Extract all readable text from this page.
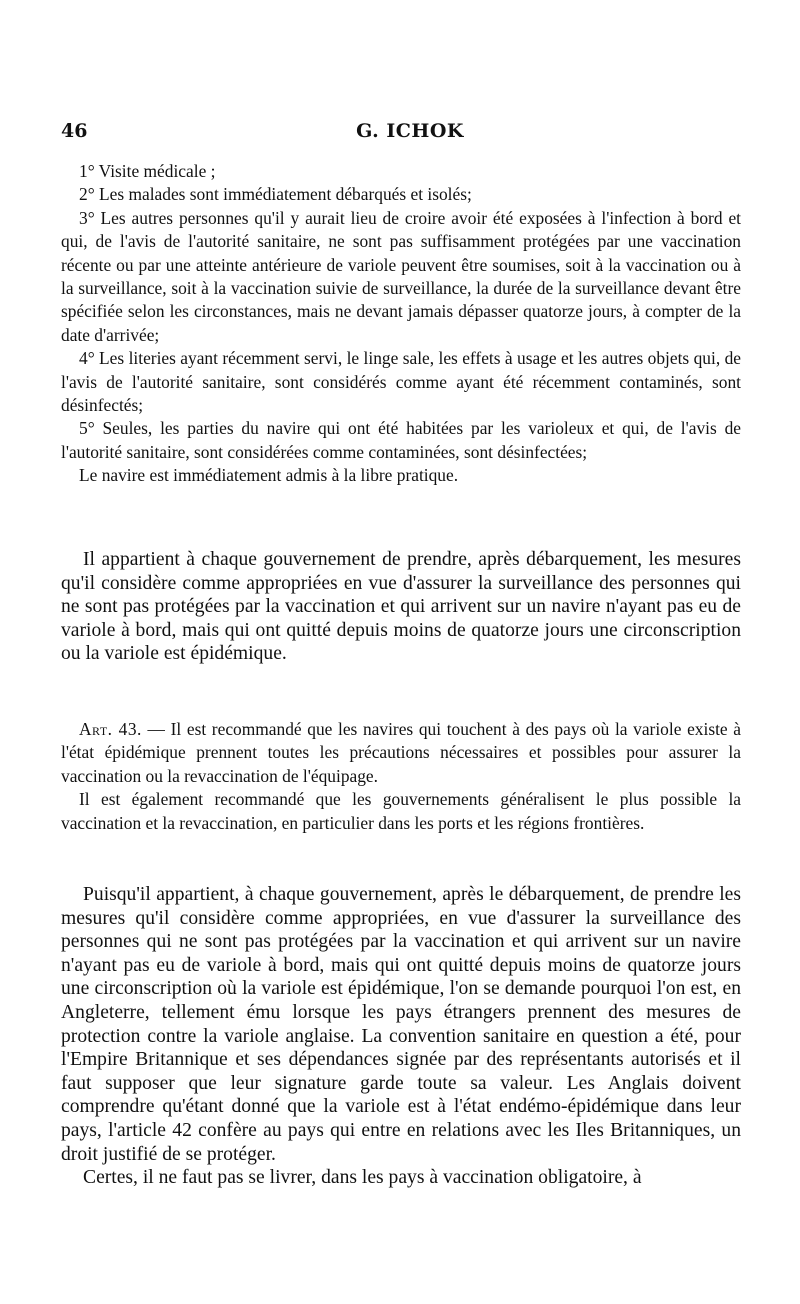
46	G. ICHOK

1° Visite médicale ;

2° Les malades sont immédiatement débarqués et isolés;

3° Les autres personnes qu'il y aurait lieu de croire avoir été exposées à l'infection à bord et qui, de l'avis de l'autorité sanitaire, ne sont pas suffisamment protégées par une vaccination récente ou par une atteinte antérieure de variole peuvent être soumises, soit à la vaccination ou à la surveillance, soit à la vaccination suivie de surveillance, la durée de la surveillance devant être spécifiée selon les circonstances, mais ne devant jamais dépasser quatorze jours, à compter de la date d'arrivée;

4° Les literies ayant récemment servi, le linge sale, les effets à usage et les autres objets qui, de l'avis de l'autorité sanitaire, sont considérés comme ayant été récemment contaminés, sont désinfectés;

5° Seules, les parties du navire qui ont été habitées par les varioleux et qui, de l'avis de l'autorité sanitaire, sont considérées comme contaminées, sont désinfectées;

Le navire est immédiatement admis à la libre pratique.

Il appartient à chaque gouvernement de prendre, après débarquement, les mesures qu'il considère comme appropriées en vue d'assurer la surveillance des personnes qui ne sont pas protégées par la vaccination et qui arrivent sur un navire n'ayant pas eu de variole à bord, mais qui ont quitté depuis moins de quatorze jours une circonscription ou la variole est épidémique.

Art. 43. — Il est recommandé que les navires qui touchent à des pays où la variole existe à l'état épidémique prennent toutes les précautions nécessaires et possibles pour assurer la vaccination ou la revaccination de l'équipage.

Il est également recommandé que les gouvernements généralisent le plus possible la vaccination et la revaccination, en particulier dans les ports et les régions frontières.

Puisqu'il appartient, à chaque gouvernement, après le débarquement, de prendre les mesures qu'il considère comme appropriées, en vue d'assurer la surveillance des personnes qui ne sont pas protégées par la vaccination et qui arrivent sur un navire n'ayant pas eu de variole à bord, mais qui ont quitté depuis moins de quatorze jours une circonscription où la variole est épidémique, l'on se demande pourquoi l'on est, en Angleterre, tellement ému lorsque les pays étrangers prennent des mesures de protection contre la variole anglaise. La convention sanitaire en question a été, pour l'Empire Britannique et ses dépendances signée par des représentants autorisés et il faut supposer que leur signature garde toute sa valeur. Les Anglais doivent comprendre qu'étant donné que la variole est à l'état endémo-épidémique dans leur pays, l'article 42 confère au pays qui entre en relations avec les Iles Britanniques, un droit justifié de se protéger.

Certes, il ne faut pas se livrer, dans les pays à vaccination obligatoire, à
